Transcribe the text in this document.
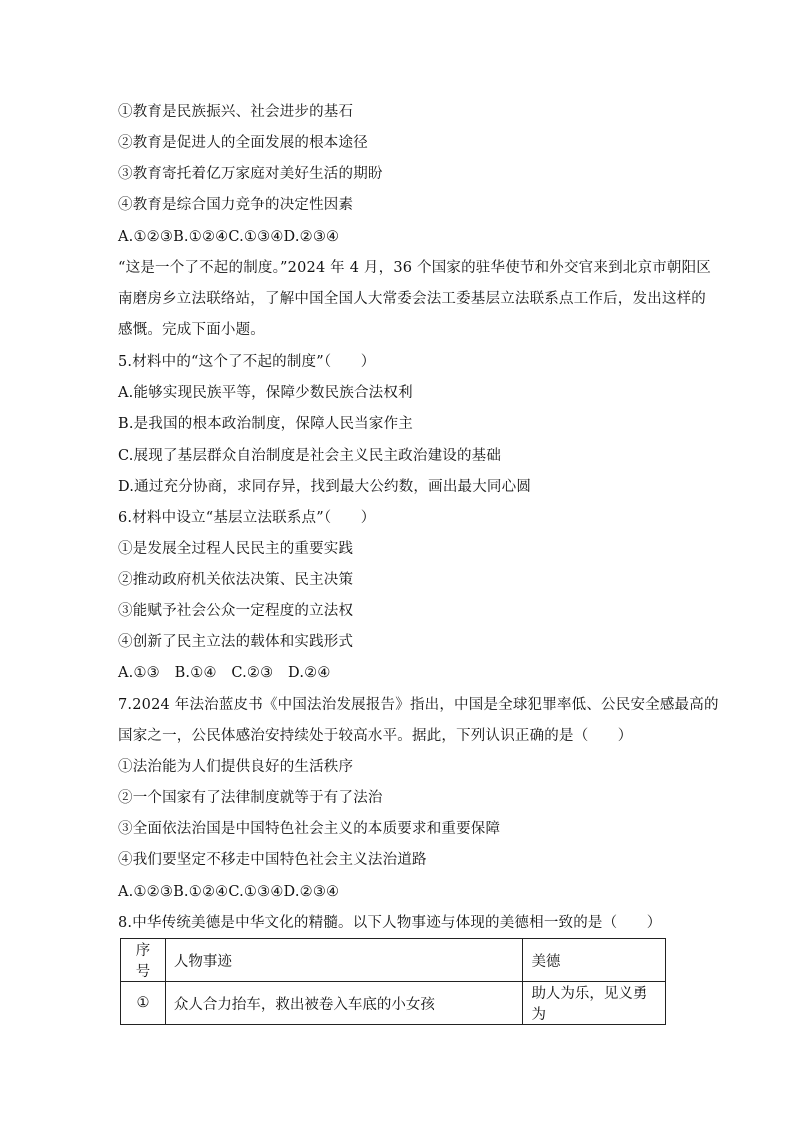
①教育是民族振兴、社会进步的基石
②教育是促进人的全面发展的根本途径
③教育寄托着亿万家庭对美好生活的期盼
④教育是综合国力竞争的决定性因素
A.①②③B.①②④C.①③④D.②③④
“这是一个了不起的制度。”2024 年 4 月，36 个国家的驻华使节和外交官来到北京市朝阳区
南磨房乡立法联络站，了解中国全国人大常委会法工委基层立法联系点工作后，发出这样的
感慨。完成下面小题。
5.材料中的“这个了不起的制度”（　　）
A.能够实现民族平等，保障少数民族合法权利
B.是我国的根本政治制度，保障人民当家作主
C.展现了基层群众自治制度是社会主义民主政治建设的基础
D.通过充分协商，求同存异，找到最大公约数，画出最大同心圆
6.材料中设立“基层立法联系点”（　　）
①是发展全过程人民民主的重要实践
②推动政府机关依法决策、民主决策
③能赋予社会公众一定程度的立法权
④创新了民主立法的载体和实践形式
A.①③　B.①④　C.②③　D.②④
7.2024 年法治蓝皮书《中国法治发展报告》指出，中国是全球犯罪率低、公民安全感最高的
国家之一，公民体感治安持续处于较高水平。据此，下列认识正确的是（　　）
①法治能为人们提供良好的生活秩序
②一个国家有了法律制度就等于有了法治
③全面依法治国是中国特色社会主义的本质要求和重要保障
④我们要坚定不移走中国特色社会主义法治道路
A.①②③B.①②④C.①③④D.②③④
8.中华传统美德是中华文化的精髓。以下人物事迹与体现的美德相一致的是（　　）
序号	人物事迹	美德
①	众人合力抬车，救出被卷入车底的小女孩	助人为乐，见义勇为
